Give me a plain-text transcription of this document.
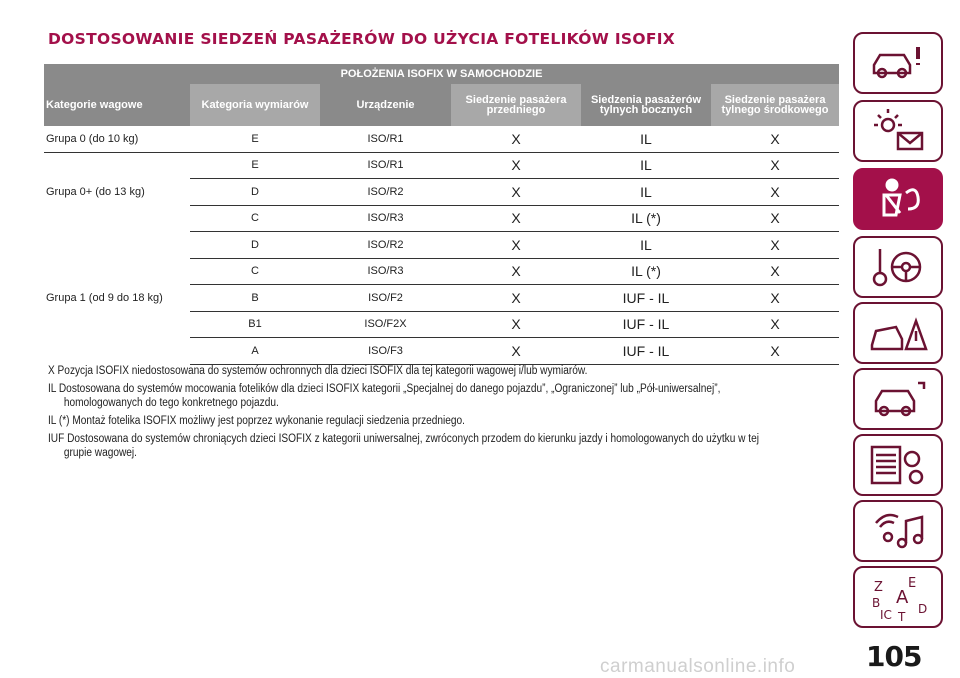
DOSTOSOWANIE SIEDZEŃ PASAŻERÓW DO UŻYCIA FOTELIKÓW ISOFIX
POŁOŻENIA ISOFIX W SAMOCHODZIE					
Kategorie wagowe	Kategoria wymiarów	Urządzenie	Siedzenie pasażera przedniego	Siedzenia pasażerów tylnych bocznych	Siedzenie pasażera tylnego środkowego
Grupa 0 (do 10 kg)	E	ISO/R1	X	IL	X
Grupa 0+ (do 13 kg)	E	ISO/R1	X	IL	X
	D	ISO/R2	X	IL	X
	C	ISO/R3	X	IL (*)	X
Grupa 1 (od 9 do 18 kg)	D	ISO/R2	X	IL	X
	C	ISO/R3	X	IL (*)	X
	B	ISO/F2	X	IUF - IL	X
	B1	ISO/F2X	X	IUF - IL	X
	A	ISO/F3	X	IUF - IL	X
X Pozycja ISOFIX niedostosowana do systemów ochronnych dla dzieci ISOFIX dla tej kategorii wagowej i/lub wymiarów.
IL Dostosowana do systemów mocowania fotelików dla dzieci ISOFIX kategorii „Specjalnej do danego pojazdu”, „Ograniczonej” lub „Pół-uniwersalnej”,
homologowanych do tego konkretnego pojazdu.
IL (*) Montaż fotelika ISOFIX możliwy jest poprzez wykonanie regulacji siedzenia przedniego.
IUF Dostosowana do systemów chroniących dzieci ISOFIX z kategorii uniwersalnej, zwróconych przodem do kierunku jazdy i homologowanych do użytku w tej
grupie wagowej.
Z E
A
B	D
IC T
105
carmanualsonline.info
